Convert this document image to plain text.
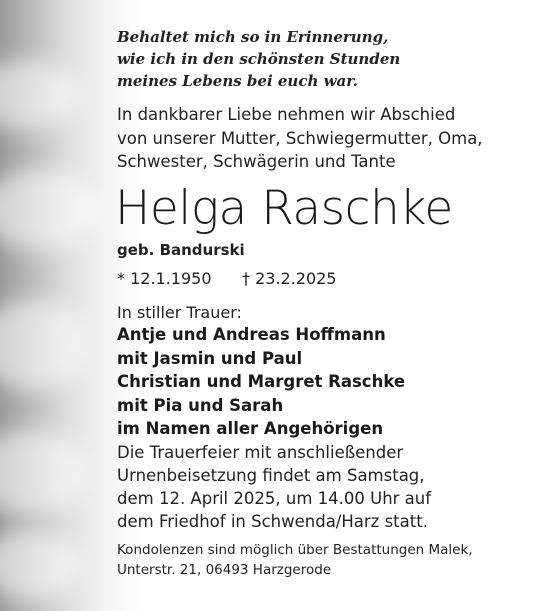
Behaltet mich so in Erinnerung,
wie ich in den schönsten Stunden
meines Lebens bei euch war.
In dankbarer Liebe nehmen wir Abschied
von unserer Mutter, Schwiegermutter, Oma,
Schwester, Schwägerin und Tante
Helga Raschke
geb. Bandurski
* 12.1.1950 † 23.2.2025
In stiller Trauer:
Antje und Andreas Hoffmann
mit Jasmin und Paul
Christian und Margret Raschke
mit Pia und Sarah
im Namen aller Angehörigen
Die Trauerfeier mit anschließender
Urnenbeisetzung findet am Samstag,
dem 12. April 2025, um 14.00 Uhr auf
dem Friedhof in Schwenda/Harz statt.
Kondolenzen sind möglich über Bestattungen Malek,
Unterstr. 21, 06493 Harzgerode
